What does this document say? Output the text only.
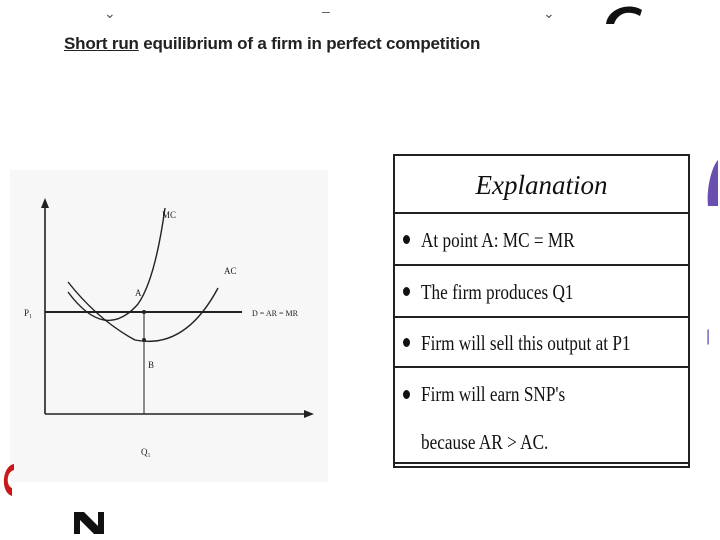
⌄	–	⌄
Short run equilibrium of a firm in perfect competition
|
MC
AC
D = AR = MR
A
B
P₁
Q₁
Explanation
At point A: MC = MR
The firm produces Q1
Firm will sell this output at P1
Firm will earn SNP's
because AR > AC.
